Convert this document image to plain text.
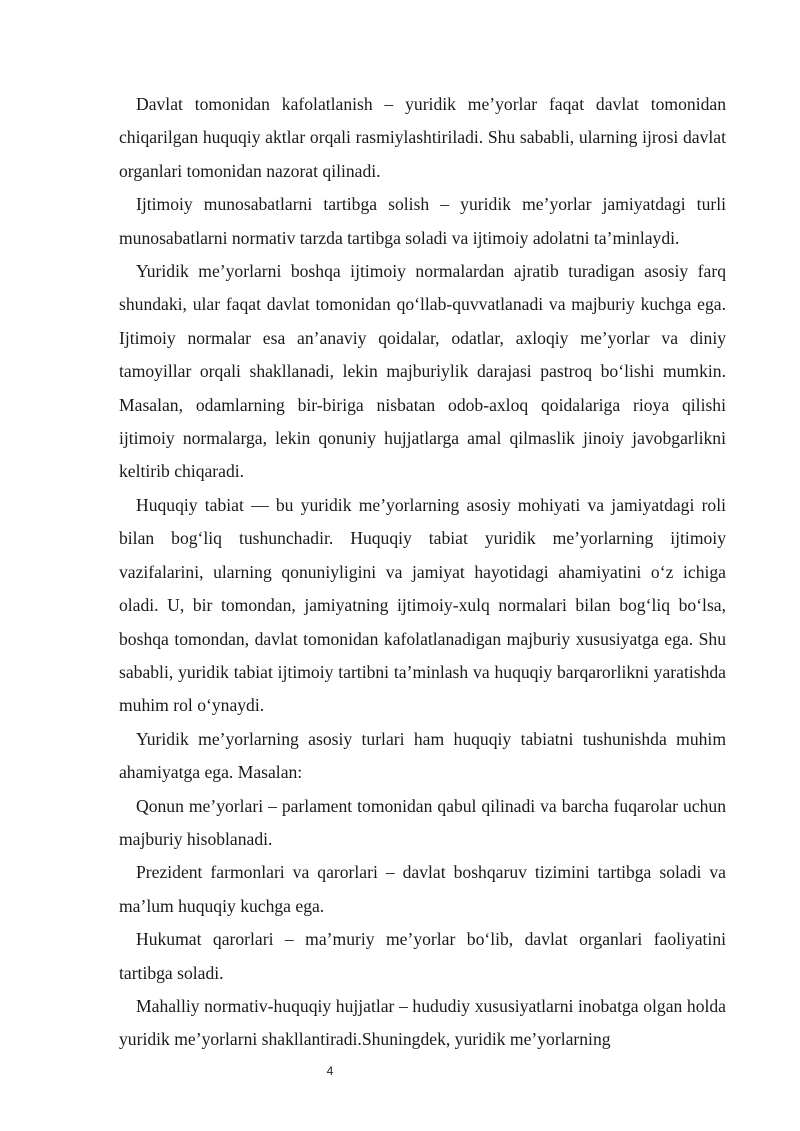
Davlat tomonidan kafolatlanish – yuridik me’yorlar faqat davlat tomonidan chiqarilgan huquqiy aktlar orqali rasmiylashtiriladi. Shu sababli, ularning ijrosi davlat organlari tomonidan nazorat qilinadi.

Ijtimoiy munosabatlarni tartibga solish – yuridik me’yorlar jamiyatdagi turli munosabatlarni normativ tarzda tartibga soladi va ijtimoiy adolatni ta’minlaydi.

Yuridik me’yorlarni boshqa ijtimoiy normalardan ajratib turadigan asosiy farq shundaki, ular faqat davlat tomonidan qo‘llab-quvvatlanadi va majburiy kuchga ega. Ijtimoiy normalar esa an’anaviy qoidalar, odatlar, axloqiy me’yorlar va diniy tamoyillar orqali shakllanadi, lekin majburiylik darajasi pastroq bo‘lishi mumkin. Masalan, odamlarning bir-biriga nisbatan odob-axloq qoidalariga rioya qilishi ijtimoiy normalarga, lekin qonuniy hujjatlarga amal qilmaslik jinoiy javobgarlikni keltirib chiqaradi.

Huquqiy tabiat — bu yuridik me’yorlarning asosiy mohiyati va jamiyatdagi roli bilan bog‘liq tushunchadir. Huquqiy tabiat yuridik me’yorlarning ijtimoiy vazifalarini, ularning qonuniyligini va jamiyat hayotidagi ahamiyatini o‘z ichiga oladi. U, bir tomondan, jamiyatning ijtimoiy-xulq normalari bilan bog‘liq bo‘lsa, boshqa tomondan, davlat tomonidan kafolatlanadigan majburiy xususiyatga ega. Shu sababli, yuridik tabiat ijtimoiy tartibni ta’minlash va huquqiy barqarorlikni yaratishda muhim rol o‘ynaydi.

Yuridik me’yorlarning asosiy turlari ham huquqiy tabiatni tushunishda muhim ahamiyatga ega. Masalan:

Qonun me’yorlari – parlament tomonidan qabul qilinadi va barcha fuqarolar uchun majburiy hisoblanadi.

Prezident farmonlari va qarorlari – davlat boshqaruv tizimini tartibga soladi va ma’lum huquqiy kuchga ega.

Hukumat qarorlari – ma’muriy me’yorlar bo‘lib, davlat organlari faoliyatini tartibga soladi.

Mahalliy normativ-huquqiy hujjatlar – hududiy xususiyatlarni inobatga olgan holda yuridik me’yorlarni shakllantiradi.Shuningdek, yuridik me’yorlarning

4
